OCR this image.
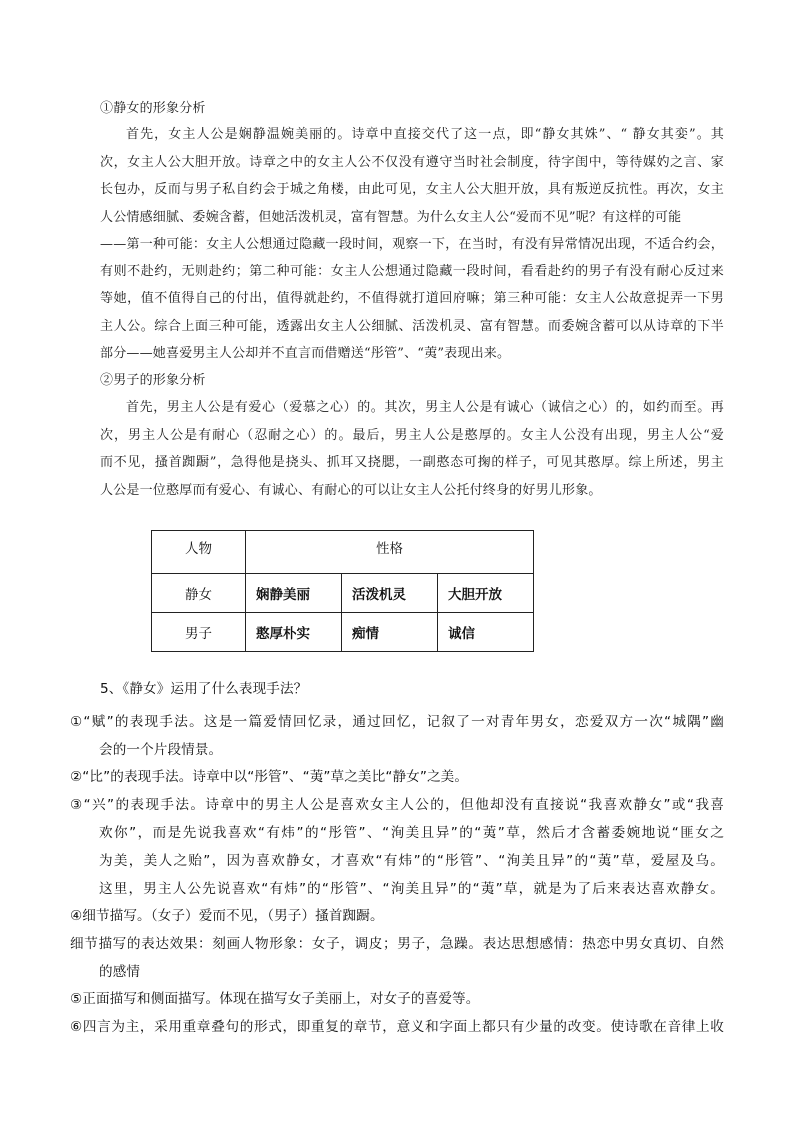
①静女的形象分析
首先，女主人公是娴静温婉美丽的。诗章中直接交代了这一点，即“静女其姝”、“ 静女其娈”。其
次，女主人公大胆开放。诗章之中的女主人公不仅没有遵守当时社会制度，待字闺中，等待媒妁之言、家
长包办，反而与男子私自约会于城之角楼，由此可见，女主人公大胆开放，具有叛逆反抗性。再次，女主
人公情感细腻、委婉含蓄，但她活泼机灵，富有智慧。为什么女主人公“爱而不见”呢？有这样的可能
——第一种可能：女主人公想通过隐藏一段时间，观察一下，在当时，有没有异常情况出现，不适合约会，
有则不赴约，无则赴约；第二种可能：女主人公想通过隐藏一段时间，看看赴约的男子有没有耐心反过来
等她，值不值得自己的付出，值得就赴约，不值得就打道回府嘛；第三种可能：女主人公故意捉弄一下男
主人公。综合上面三种可能，透露出女主人公细腻、活泼机灵、富有智慧。而委婉含蓄可以从诗章的下半
部分——她喜爱男主人公却并不直言而借赠送“彤管”、“荑”表现出来。
②男子的形象分析
首先，男主人公是有爱心（爱慕之心）的。其次，男主人公是有诚心（诚信之心）的，如约而至。再
次，男主人公是有耐心（忍耐之心）的。最后，男主人公是憨厚的。女主人公没有出现，男主人公“爱
而不见，搔首踟蹰”，急得他是挠头、抓耳又挠腮，一副憨态可掬的样子，可见其憨厚。综上所述，男主
人公是一位憨厚而有爱心、有诚心、有耐心的可以让女主人公托付终身的好男儿形象。
人物	性格		
静女	娴静美丽	活泼机灵	大胆开放
男子	憨厚朴实	痴情	诚信
5、《静女》运用了什么表现手法？
①“赋”的表现手法。这是一篇爱情回忆录，通过回忆，记叙了一对青年男女，恋爱双方一次“城隅”幽
会的一个片段情景。
②“比”的表现手法。诗章中以“彤管”、“荑”草之美比“静女”之美。
③“兴”的表现手法。诗章中的男主人公是喜欢女主人公的，但他却没有直接说“我喜欢静女”或“我喜
欢你”，而是先说我喜欢“有炜”的“彤管”、“洵美且异”的“荑”草，然后才含蓄委婉地说“匪女之
为美，美人之贻”，因为喜欢静女，才喜欢“有炜”的“彤管”、“洵美且异”的“荑”草，爱屋及乌。
这里，男主人公先说喜欢“有炜”的“彤管”、“洵美且异”的“荑”草，就是为了后来表达喜欢静女。
④细节描写。（女子）爱而不见，（男子）搔首踟蹰。
细节描写的表达效果：刻画人物形象：女子，调皮；男子，急躁。表达思想感情：热恋中男女真切、自然
的感情
⑤正面描写和侧面描写。体现在描写女子美丽上，对女子的喜爱等。
⑥四言为主，采用重章叠句的形式，即重复的章节，意义和字面上都只有少量的改变。使诗歌在音律上收
